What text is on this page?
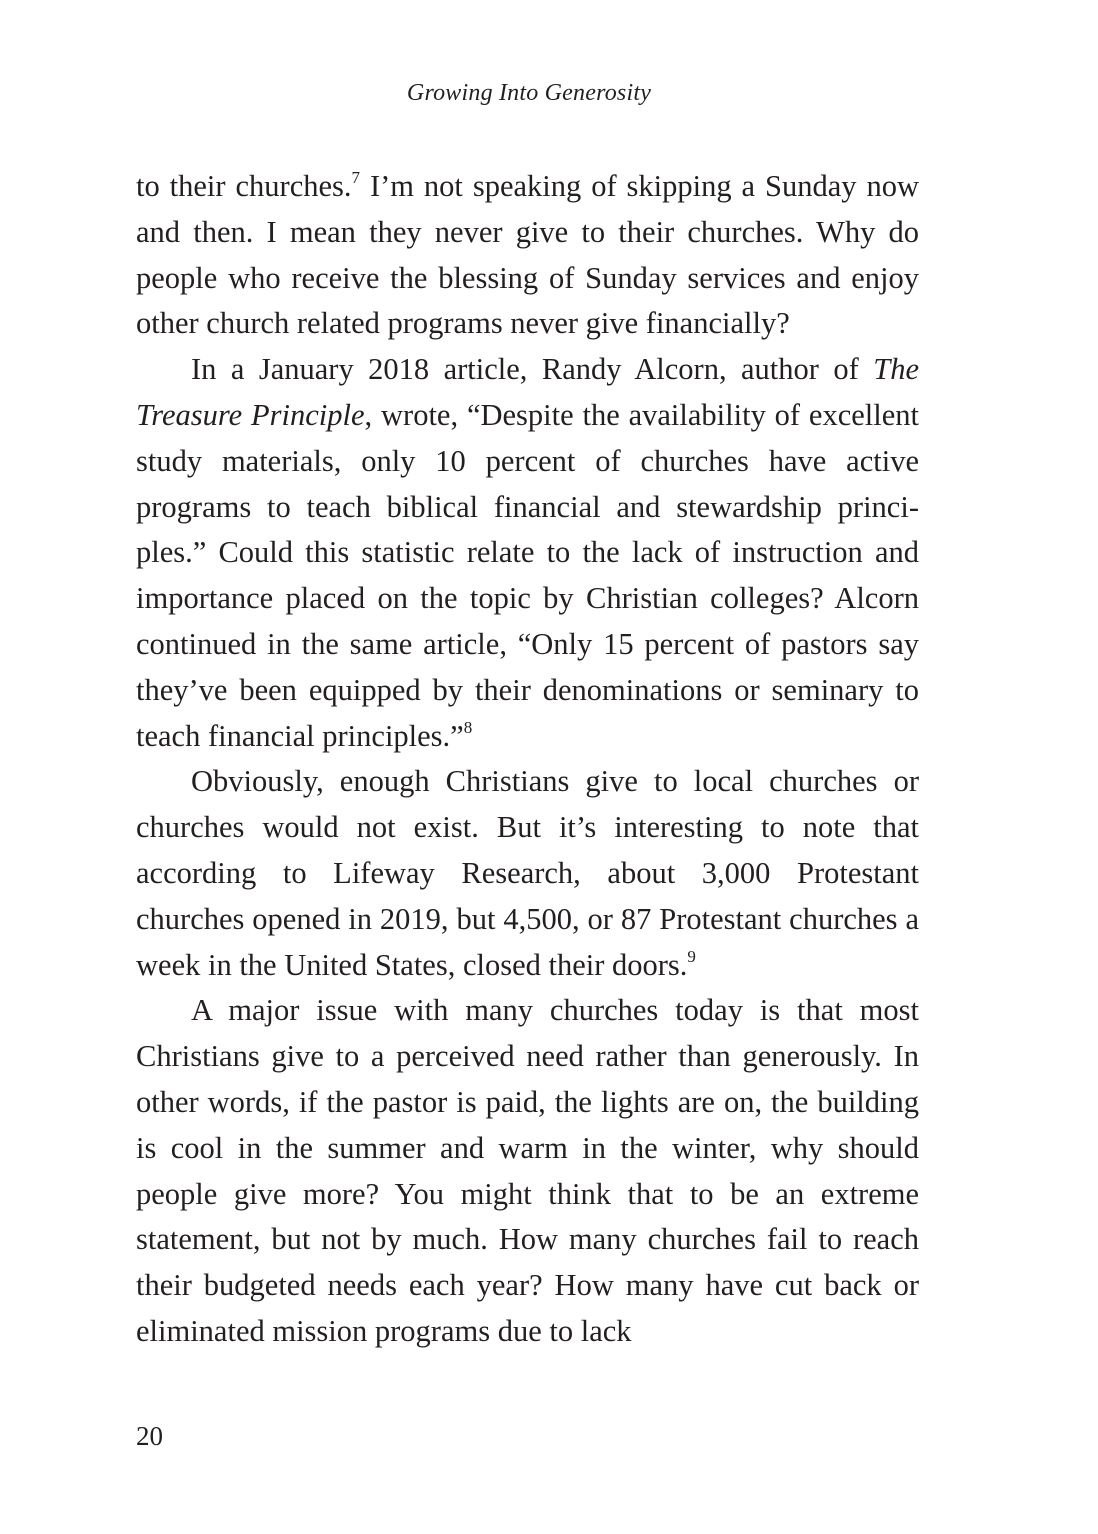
Growing Into Generosity

to their churches.$^7$ I’m not speaking of skipping a Sunday now and then. I mean they never give to their churches. Why do people who receive the blessing of Sunday services and enjoy other church related programs never give financially?

In a January 2018 article, Randy Alcorn, author of The Treasure Principle, wrote, “Despite the availability of excellent study materials, only 10 percent of churches have active programs to teach biblical financial and stewardship principles.” Could this statistic relate to the lack of instruction and importance placed on the topic by Christian colleges? Alcorn continued in the same article, “Only 15 percent of pastors say they’ve been equipped by their denominations or seminary to teach financial principles.”$^8$

Obviously, enough Christians give to local churches or churches would not exist. But it’s interesting to note that according to Lifeway Research, about 3,000 Protestant churches opened in 2019, but 4,500, or 87 Protestant churches a week in the United States, closed their doors.$^9$

A major issue with many churches today is that most Christians give to a perceived need rather than generously. In other words, if the pastor is paid, the lights are on, the building is cool in the summer and warm in the winter, why should people give more? You might think that to be an extreme statement, but not by much. How many churches fail to reach their budgeted needs each year? How many have cut back or eliminated mission programs due to lack

20
